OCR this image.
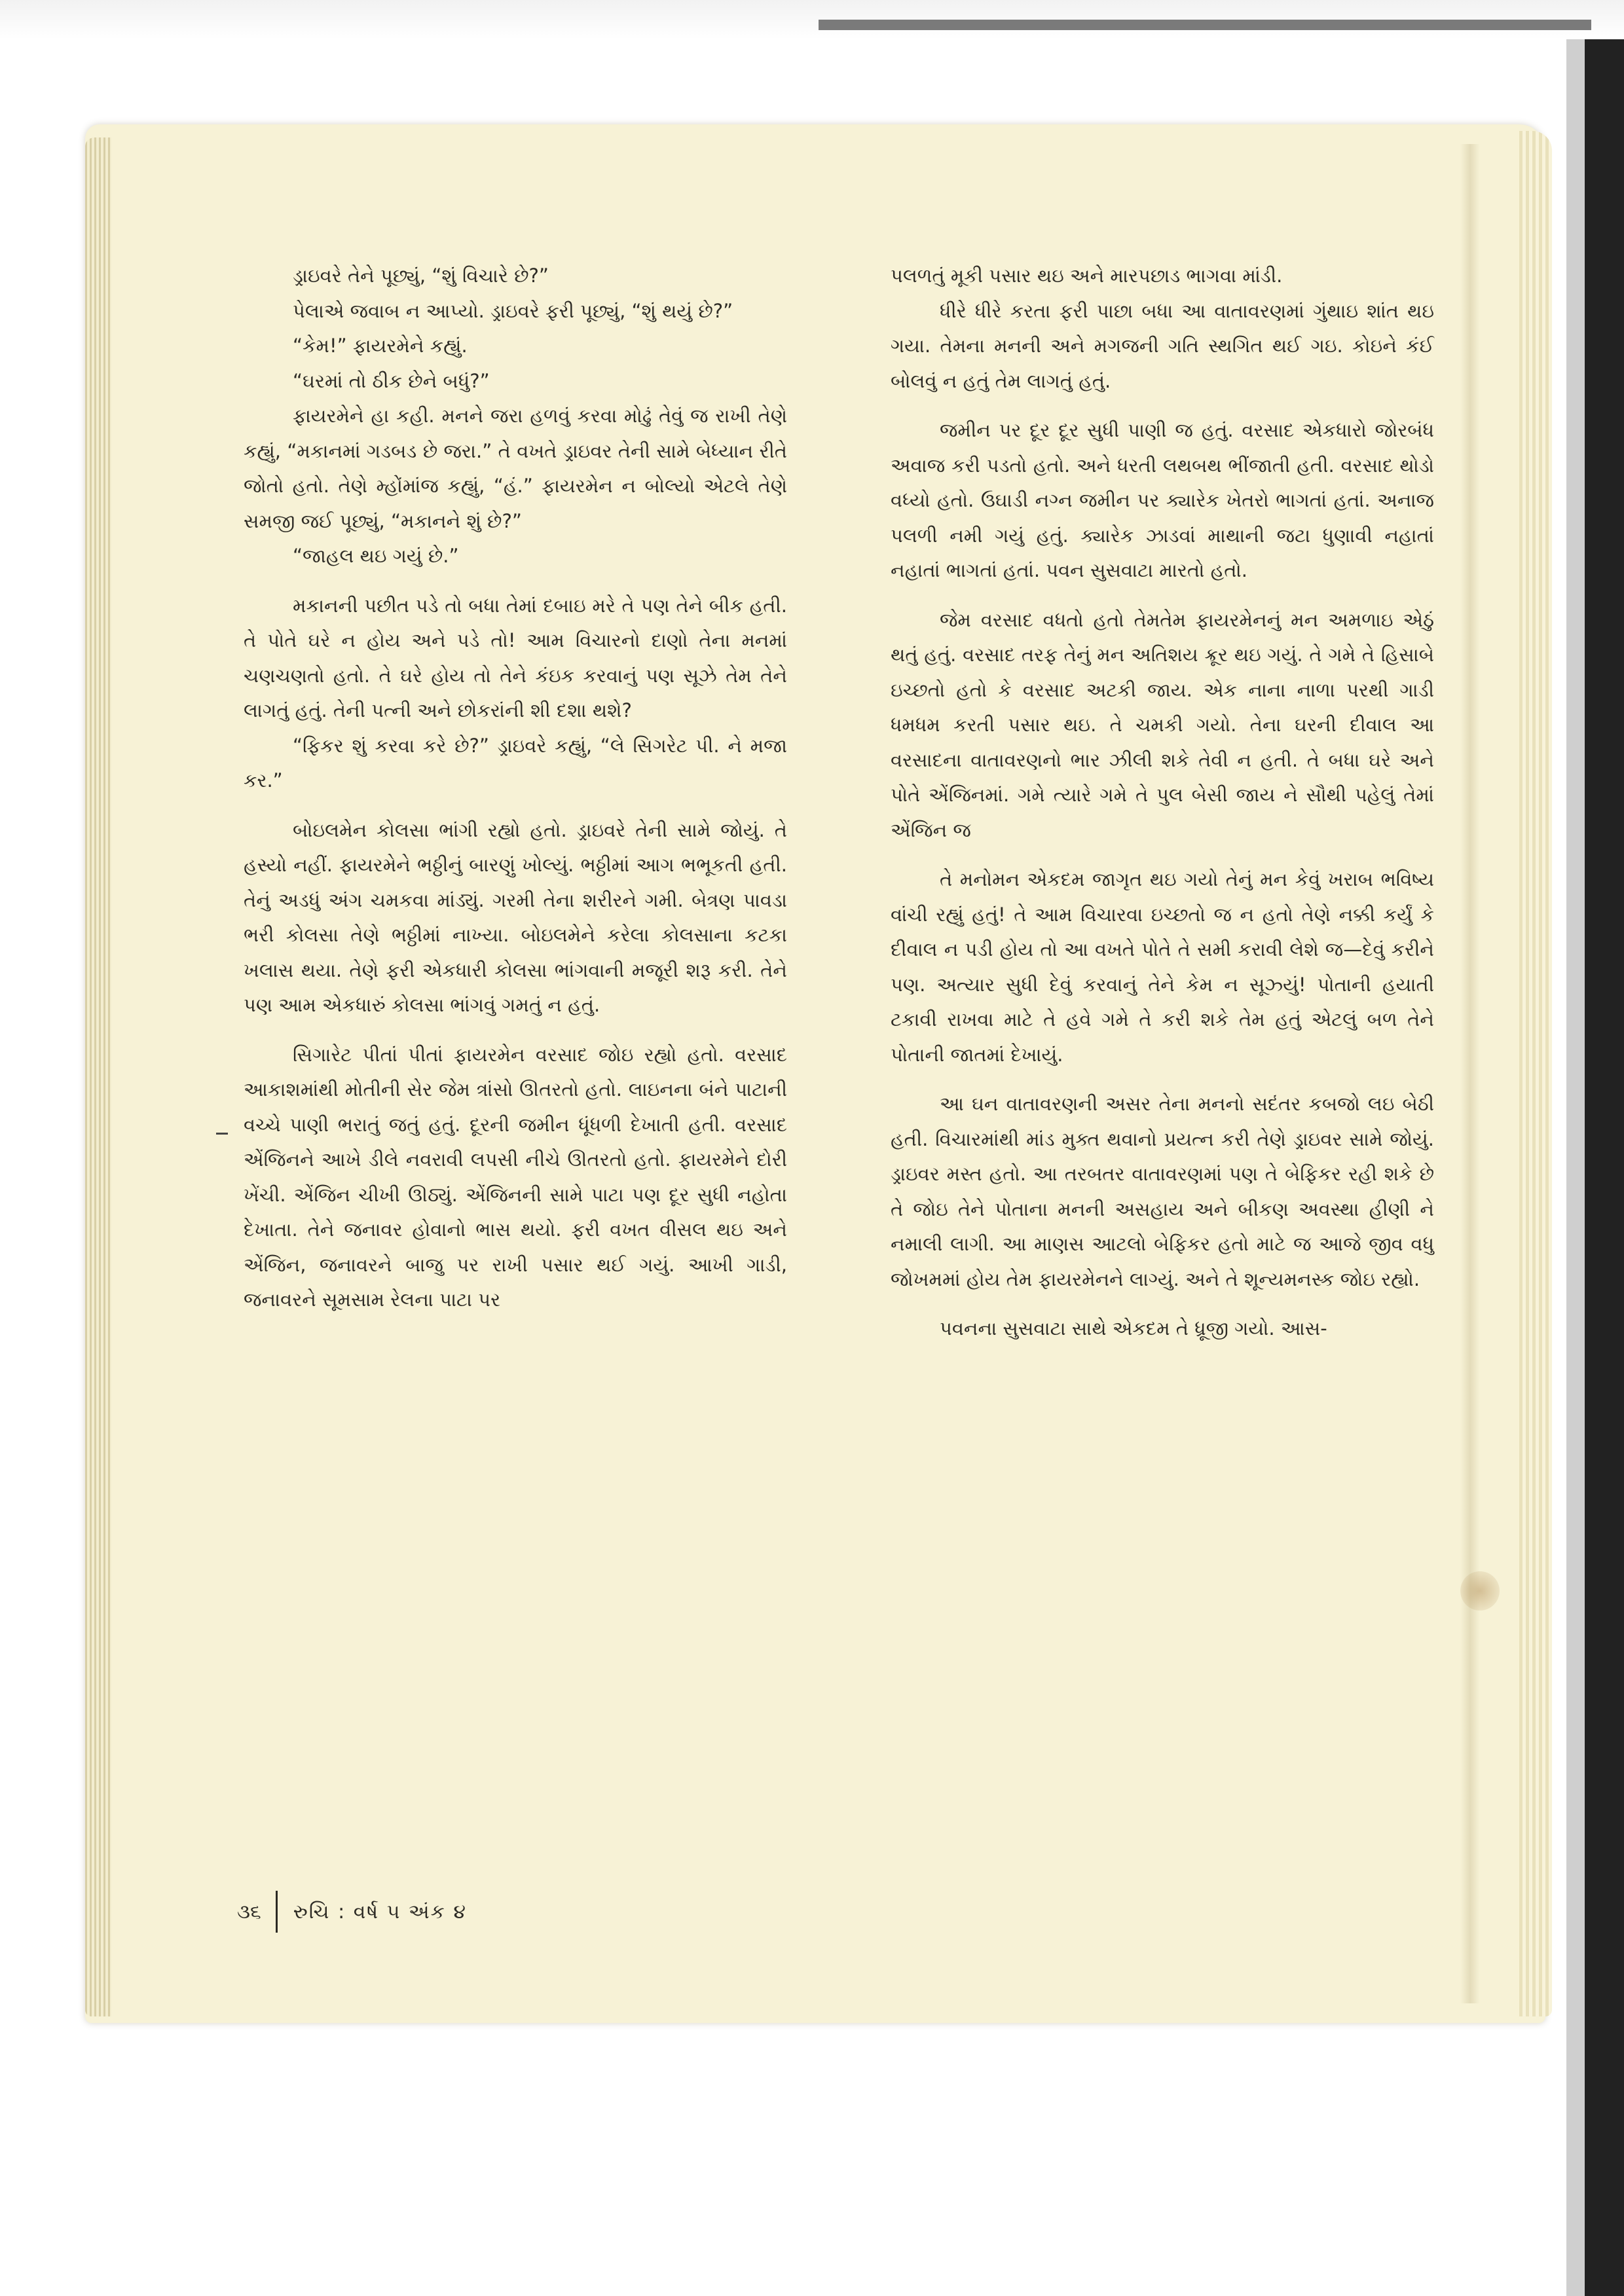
ડ્રાઇવરે તેને પૂછ્યું, “શું વિચારે છે?”

પેલાએ જવાબ ન આપ્યો. ડ્રાઇવરે ફરી પૂછ્યું, “શું થયું છે?”

“કેમ!” ફાયરમેને કહ્યું.

“ઘરમાં તો ઠીક છેને બધું?”

ફાયરમેને હા કહી. મનને જરા હળવું કરવા મોઢું તેવું જ રાખી તેણે કહ્યું, “મકાનમાં ગડબડ છે જરા.” તે વખતે ડ્રાઇવર તેની સામે બેધ્યાન રીતે જોતો હતો. તેણે મ્હોંમાંજ કહ્યું, “હં.” ફાયરમેન ન બોલ્યો એટલે તેણે સમજી જઈ પૂછ્યું, “મકાનને શું છે?”

“જાહલ થઇ ગયું છે.”

મકાનની પછીત પડે તો બધા તેમાં દબાઇ મરે તે પણ તેને બીક હતી. તે પોતે ઘરે ન હોય અને પડે તો! આમ વિચારનો દાણો તેના મનમાં ચણચણતો હતો. તે ઘરે હોય તો તેને કંઇક કરવાનું પણ સૂઝે તેમ તેને લાગતું હતું. તેની પત્ની અને છોકરાંની શી દશા થશે?

“ફિકર શું કરવા કરે છે?” ડ્રાઇવરે કહ્યું, “લે સિગરેટ પી. ને મજા કર.”

બોઇલમેન કોલસા ભાંગી રહ્યો હતો. ડ્રાઇવરે તેની સામે જોયું. તે હસ્યો નહીં. ફાયરમેને ભઠ્ઠીનું બારણું ખોલ્યું. ભઠ્ઠીમાં આગ ભભૂકતી હતી. તેનું અડધું અંગ ચમકવા માંડ્યું. ગરમી તેના શરીરને ગમી. બેત્રણ પાવડા ભરી કોલસા તેણે ભઠ્ઠીમાં નાખ્યા. બોઇલમેને કરેલા કોલસાના કટકા ખલાસ થયા. તેણે ફરી એકધારી કોલસા ભાંગવાની મજૂરી શરૂ કરી. તેને પણ આમ એકધારું કોલસા ભાંગવું ગમતું ન હતું.

સિગારેટ પીતાં પીતાં ફાયરમેન વરસાદ જોઇ રહ્યો હતો. વરસાદ આકાશમાંથી મોતીની સેર જેમ ત્રાંસો ઊતરતો હતો. લાઇનના બંને પાટાની વચ્ચે પાણી ભરાતું જતું હતું. દૂરની જમીન ધૂંધળી દેખાતી હતી. વરસાદ એંજિનને આખે ડીલે નવરાવી લપસી નીચે ઊતરતો હતો. ફાયરમેને દોરી ખેંચી. એંજિન ચીખી ઊઠ્યું. એંજિનની સામે પાટા પણ દૂર સુધી નહોતા દેખાતા. તેને જનાવર હોવાનો ભાસ થયો. ફરી વખત વીસલ થઇ અને એંજિન, જનાવરને બાજુ પર રાખી પસાર થઈ ગયું. આખી ગાડી, જનાવરને સૂમસામ રેલના પાટા પર

પલળતું મૂકી પસાર થઇ અને મારપછાડ ભાગવા માંડી.

ધીરે ધીરે કરતા ફરી પાછા બધા આ વાતાવરણમાં ગુંથાઇ શાંત થઇ ગયા. તેમના મનની અને મગજની ગતિ સ્થગિત થઈ ગઇ. કોઇને કંઈ બોલવું ન હતું તેમ લાગતું હતું.

જમીન પર દૂર દૂર સુધી પાણી જ હતું. વરસાદ એકધારો જોરબંધ અવાજ કરી પડતો હતો. અને ધરતી લથબથ ભીંજાતી હતી. વરસાદ થોડો વધ્યો હતો. ઉઘાડી નગ્ન જમીન પર ક્યારેક ખેતરો ભાગતાં હતાં. અનાજ પલળી નમી ગયું હતું. ક્યારેક ઝાડવાં માથાની જટા ધુણાવી નહાતાં નહાતાં ભાગતાં હતાં. પવન સુસવાટા મારતો હતો.

જેમ વરસાદ વધતો હતો તેમતેમ ફાયરમેનનું મન અમળાઇ એઠું થતું હતું. વરસાદ તરફ તેનું મન અતિશય ક્રૂર થઇ ગયું. તે ગમે તે હિસાબે ઇચ્છતો હતો કે વરસાદ અટકી જાય. એક નાના નાળા પરથી ગાડી ધમધમ કરતી પસાર થઇ. તે ચમકી ગયો. તેના ઘરની દીવાલ આ વરસાદના વાતાવરણનો ભાર ઝીલી શકે તેવી ન હતી. તે બધા ઘરે અને પોતે એંજિનમાં. ગમે ત્યારે ગમે તે પુલ બેસી જાય ને સૌથી પહેલું તેમાં એંજિન જ

તે મનોમન એકદમ જાગૃત થઇ ગયો તેનું મન કેવું ખરાબ ભવિષ્ય વાંચી રહ્યું હતું! તે આમ વિચારવા ઇચ્છતો જ ન હતો તેણે નક્કી કર્યું કે દીવાલ ન પડી હોય તો આ વખતે પોતે તે સમી કરાવી લેશે જ—દેવું કરીને પણ. અત્યાર સુધી દેવું કરવાનું તેને કેમ ન સૂઝ્યું! પોતાની હયાતી ટકાવી રાખવા માટે તે હવે ગમે તે કરી શકે તેમ હતું એટલું બળ તેને પોતાની જાતમાં દેખાયું.

આ ઘન વાતાવરણની અસર તેના મનનો સદંતર કબજો લઇ બેઠી હતી. વિચારમાંથી માંડ મુક્ત થવાનો પ્રયત્ન કરી તેણે ડ્રાઇવર સામે જોયું. ડ્રાઇવર મસ્ત હતો. આ તરબતર વાતાવરણમાં પણ તે બેફિકર રહી શકે છે તે જોઇ તેને પોતાના મનની અસહાય અને બીકણ અવસ્થા હીણી ને નમાલી લાગી. આ માણસ આટલો બેફિકર હતો માટે જ આજે જીવ વધુ જોખમમાં હોય તેમ ફાયરમેનને લાગ્યું. અને તે શૂન્યમનસ્ક જોઇ રહ્યો.

પવનના સુસવાટા સાથે એકદમ તે ધ્રૂજી ગયો. આસ-

૩૬ રુચિ : વર્ષ ૫ અંક ૪
